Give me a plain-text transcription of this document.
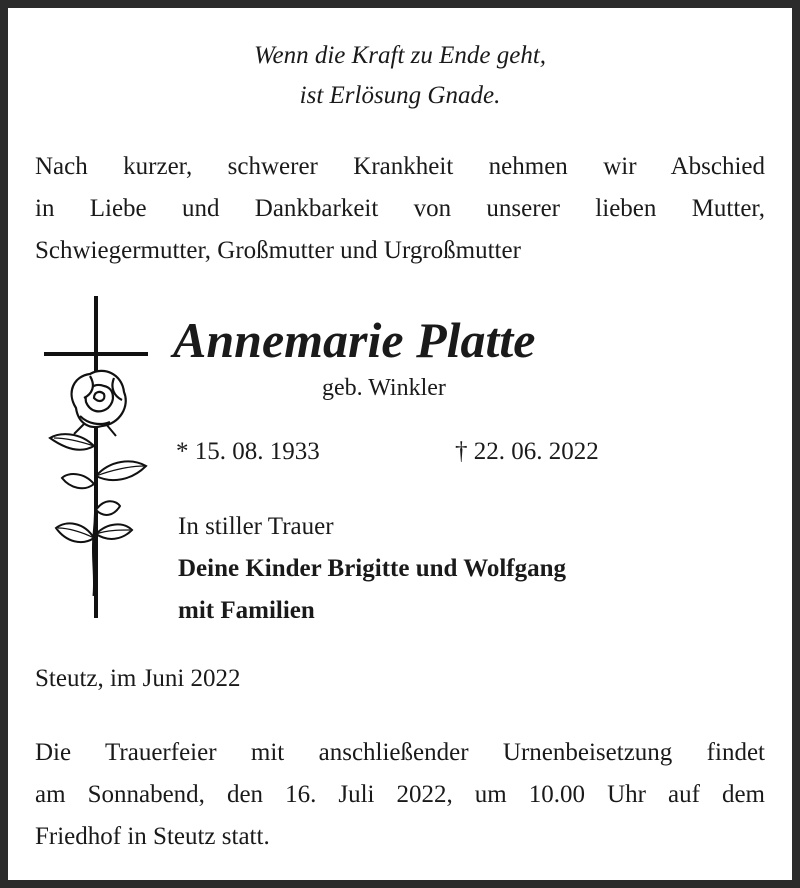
Wenn die Kraft zu Ende geht,
ist Erlösung Gnade.
Nach kurzer, schwerer Krankheit nehmen wir Abschied
in Liebe und Dankbarkeit von unserer lieben Mutter,
Schwiegermutter, Großmutter und Urgroßmutter
Annemarie Platte
geb. Winkler
* 15. 08. 1933	† 22. 06. 2022
In stiller Trauer
Deine Kinder Brigitte und Wolfgang
mit Familien
Steutz, im Juni 2022
Die Trauerfeier mit anschließender Urnenbeisetzung findet
am Sonnabend, den 16. Juli 2022, um 10.00 Uhr auf dem
Friedhof in Steutz statt.
